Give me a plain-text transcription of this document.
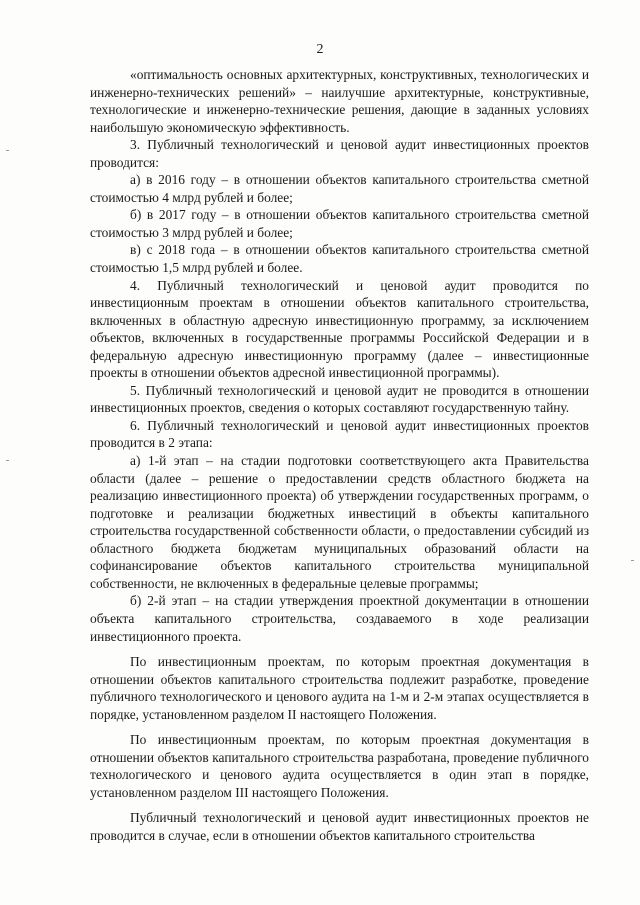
2

«оптимальность основных архитектурных, конструктивных, технологических и инженерно-технических решений» – наилучшие архитектурные, конструктивные, технологические и инженерно-технические решения, дающие в заданных условиях наибольшую экономическую эффективность.

3. Публичный технологический и ценовой аудит инвестиционных проектов проводится:

а) в 2016 году – в отношении объектов капитального строительства сметной стоимостью 4 млрд рублей и более;

б) в 2017 году – в отношении объектов капитального строительства сметной стоимостью 3 млрд рублей и более;

в) с 2018 года – в отношении объектов капитального строительства сметной стоимостью 1,5 млрд рублей и более.

4. Публичный технологический и ценовой аудит проводится по инвестиционным проектам в отношении объектов капитального строительства, включенных в областную адресную инвестиционную программу, за исключением объектов, включенных в государственные программы Российской Федерации и в федеральную адресную инвестиционную программу (далее – инвестиционные проекты в отношении объектов адресной инвестиционной программы).

5. Публичный технологический и ценовой аудит не проводится в отношении инвестиционных проектов, сведения о которых составляют государственную тайну.

6. Публичный технологический и ценовой аудит инвестиционных проектов проводится в 2 этапа:

а) 1-й этап – на стадии подготовки соответствующего акта Правительства области (далее – решение о предоставлении средств областного бюджета на реализацию инвестиционного проекта) об утверждении государственных программ, о подготовке и реализации бюджетных инвестиций в объекты капитального строительства государственной собственности области, о предоставлении субсидий из областного бюджета бюджетам муниципальных образований области на софинансирование объектов капитального строительства муниципальной собственности, не включенных в федеральные целевые программы;

б) 2-й этап – на стадии утверждения проектной документации в отношении объекта капитального строительства, создаваемого в ходе реализации инвестиционного проекта.

По инвестиционным проектам, по которым проектная документация в отношении объектов капитального строительства подлежит разработке, проведение публичного технологического и ценового аудита на 1-м и 2-м этапах осуществляется в порядке, установленном разделом II настоящего Положения.

По инвестиционным проектам, по которым проектная документация в отношении объектов капитального строительства разработана, проведение публичного технологического и ценового аудита осуществляется в один этап в порядке, установленном разделом III настоящего Положения.

Публичный технологический и ценовой аудит инвестиционных проектов не проводится в случае, если в отношении объектов капитального строительства
